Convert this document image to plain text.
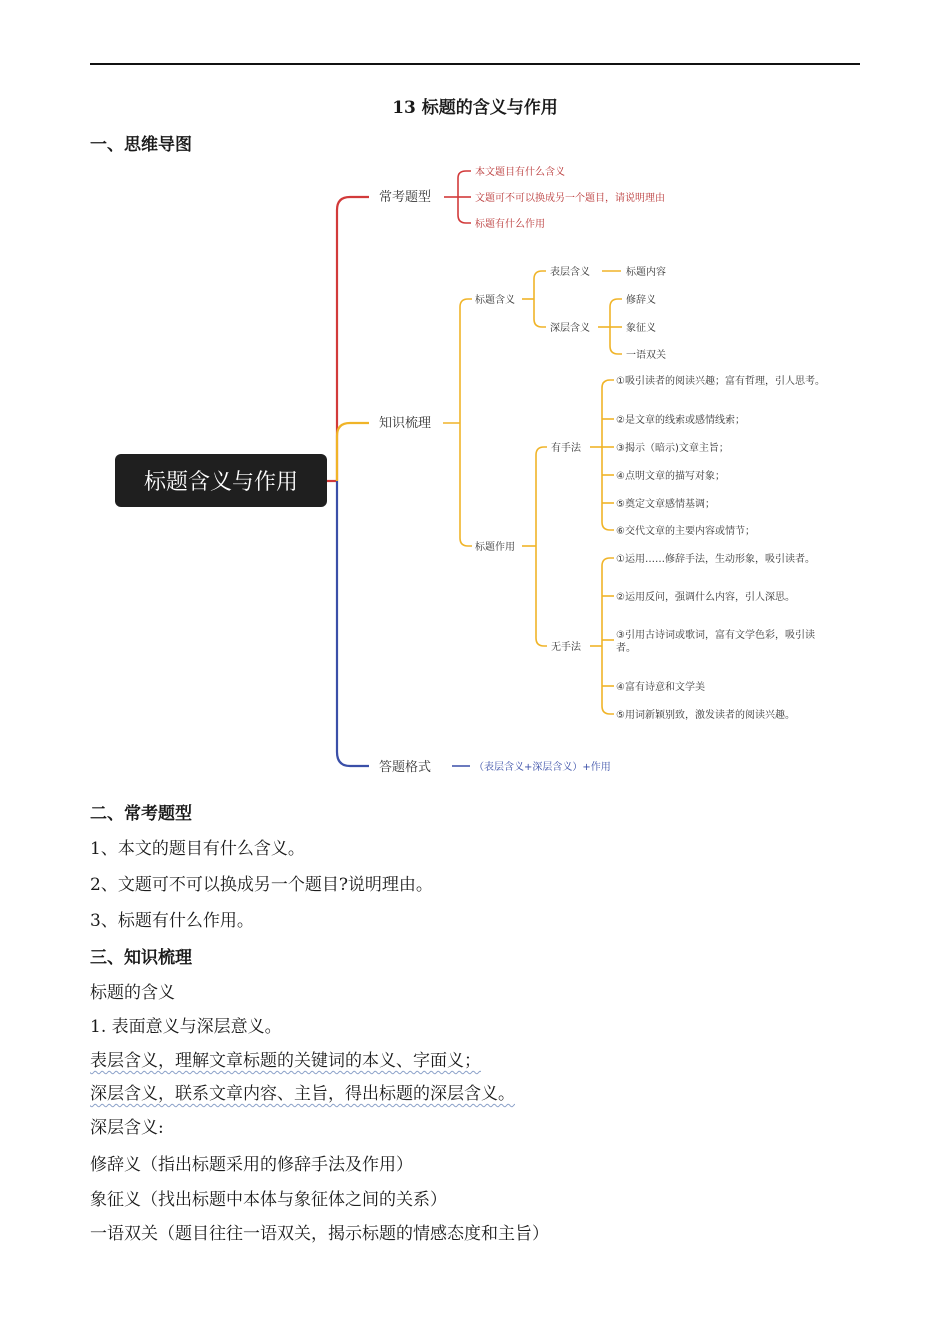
13 标题的含义与作用
一、思维导图
标题含义与作用
常考题型
知识梳理
答题格式
本文题目有什么含义
文题可不可以换成另一个题目，请说明理由
标题有什么作用
标题含义
表层含义	标题内容
深层含义
修辞义
象征义
一语双关
标题作用
有手法
①吸引读者的阅读兴趣；富有哲理，引人思考。
②是文章的线索或感情线索；
③揭示（暗示)文章主旨；
④点明文章的描写对象；
⑤奠定文章感情基调；
⑥交代文章的主要内容或情节；
无手法
①运用……修辞手法，生动形象，吸引读者。
②运用反问，强调什么内容，引人深思。
③引用古诗词或歌词，富有文学色彩，吸引读
者。
④富有诗意和文学美
⑤用词新颖别致，激发读者的阅读兴趣。
（表层含义+深层含义）+作用
二、常考题型
1、本文的题目有什么含义。
2、文题可不可以换成另一个题目?说明理由。
3、标题有什么作用。
三、知识梳理
标题的含义
1. 表面意义与深层意义。
表层含义，理解文章标题的关键词的本义、字面义；
深层含义，联系文章内容、主旨，得出标题的深层含义。
深层含义:
修辞义（指出标题采用的修辞手法及作用）
象征义（找出标题中本体与象征体之间的关系）
一语双关（题目往往一语双关，揭示标题的情感态度和主旨）
